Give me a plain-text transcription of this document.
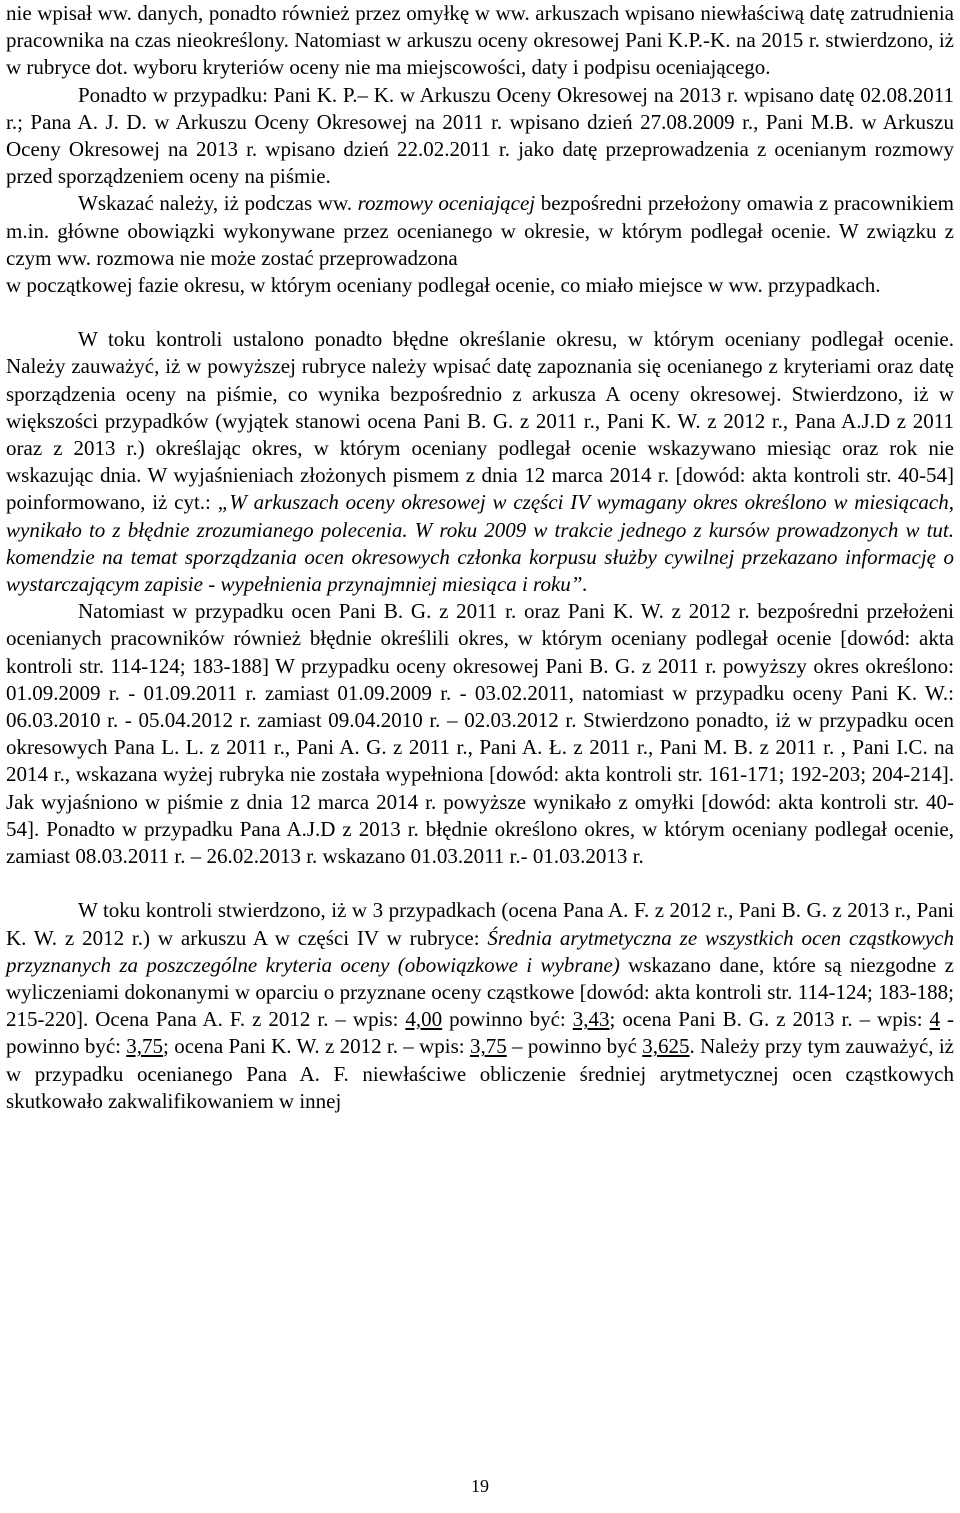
nie wpisał ww. danych, ponadto również przez omyłkę w ww. arkuszach wpisano niewłaściwą datę zatrudnienia pracownika na czas nieokreślony. Natomiast w arkuszu oceny okresowej Pani K.P.-K. na 2015 r. stwierdzono, iż w rubryce dot. wyboru kryteriów oceny nie ma miejscowości, daty i podpisu oceniającego.

Ponadto w przypadku: Pani K. P.– K. w Arkuszu Oceny Okresowej na 2013 r. wpisano datę 02.08.2011 r.; Pana A. J. D. w Arkuszu Oceny Okresowej na 2011 r. wpisano dzień 27.08.2009 r., Pani M.B. w Arkuszu Oceny Okresowej na 2013 r. wpisano dzień 22.02.2011 r. jako datę przeprowadzenia z ocenianym rozmowy przed sporządzeniem oceny na piśmie.

Wskazać należy, iż podczas ww. rozmowy oceniającej bezpośredni przełożony omawia z pracownikiem m.in. główne obowiązki wykonywane przez ocenianego w okresie, w którym podlegał ocenie. W związku z czym ww. rozmowa nie może zostać przeprowadzona

w początkowej fazie okresu, w którym oceniany podlegał ocenie, co miało miejsce w ww. przypadkach.

W toku kontroli ustalono ponadto błędne określanie okresu, w którym oceniany podlegał ocenie. Należy zauważyć, iż w powyższej rubryce należy wpisać datę zapoznania się ocenianego z kryteriami oraz datę sporządzenia oceny na piśmie, co wynika bezpośrednio z arkusza A oceny okresowej. Stwierdzono, iż w większości przypadków (wyjątek stanowi ocena Pani B. G. z 2011 r., Pani K. W. z 2012 r., Pana A.J.D z 2011 oraz z 2013 r.) określając okres, w którym oceniany podlegał ocenie wskazywano miesiąc oraz rok nie wskazując dnia. W wyjaśnieniach złożonych pismem z dnia 12 marca 2014 r. [dowód: akta kontroli str. 40-54] poinformowano, iż cyt.: „W arkuszach oceny okresowej w części IV wymagany okres określono w miesiącach, wynikało to z błędnie zrozumianego polecenia. W roku 2009 w trakcie jednego z kursów prowadzonych w tut. komendzie na temat sporządzania ocen okresowych członka korpusu służby cywilnej przekazano informację o wystarczającym zapisie - wypełnienia przynajmniej miesiąca i roku”.

Natomiast w przypadku ocen Pani B. G. z 2011 r. oraz Pani K. W. z 2012 r. bezpośredni przełożeni ocenianych pracowników również błędnie określili okres, w którym oceniany podlegał ocenie [dowód: akta kontroli str. 114-124; 183-188] W przypadku oceny okresowej Pani B. G. z 2011 r. powyższy okres określono: 01.09.2009 r. - 01.09.2011 r. zamiast 01.09.2009 r. - 03.02.2011, natomiast w przypadku oceny Pani K. W.: 06.03.2010 r. - 05.04.2012 r. zamiast 09.04.2010 r. – 02.03.2012 r. Stwierdzono ponadto, iż w przypadku ocen okresowych Pana L. L. z 2011 r., Pani A. G. z 2011 r., Pani A. Ł. z 2011 r., Pani M. B. z 2011 r. , Pani I.C. na 2014 r., wskazana wyżej rubryka nie została wypełniona [dowód: akta kontroli str. 161-171; 192-203; 204-214]. Jak wyjaśniono w piśmie z dnia 12 marca 2014 r. powyższe wynikało z omyłki [dowód: akta kontroli str. 40-54]. Ponadto w przypadku Pana A.J.D z 2013 r. błędnie określono okres, w którym oceniany podlegał ocenie, zamiast 08.03.2011 r. – 26.02.2013 r. wskazano 01.03.2011 r.- 01.03.2013 r.

W toku kontroli stwierdzono, iż w 3 przypadkach (ocena Pana A. F. z 2012 r., Pani B. G. z 2013 r., Pani K. W. z 2012 r.) w arkuszu A w części IV w rubryce: Średnia arytmetyczna ze wszystkich ocen cząstkowych przyznanych za poszczególne kryteria oceny (obowiązkowe i wybrane) wskazano dane, które są niezgodne z wyliczeniami dokonanymi w oparciu o przyznane oceny cząstkowe [dowód: akta kontroli str. 114-124; 183-188; 215-220]. Ocena Pana A. F. z 2012 r. – wpis: 4,00 powinno być: 3,43; ocena Pani B. G. z 2013 r. – wpis: 4 - powinno być: 3,75; ocena Pani K. W. z 2012 r. – wpis: 3,75 – powinno być 3,625. Należy przy tym zauważyć, iż w przypadku ocenianego Pana A. F. niewłaściwe obliczenie średniej arytmetycznej ocen cząstkowych skutkowało zakwalifikowaniem w innej

19
